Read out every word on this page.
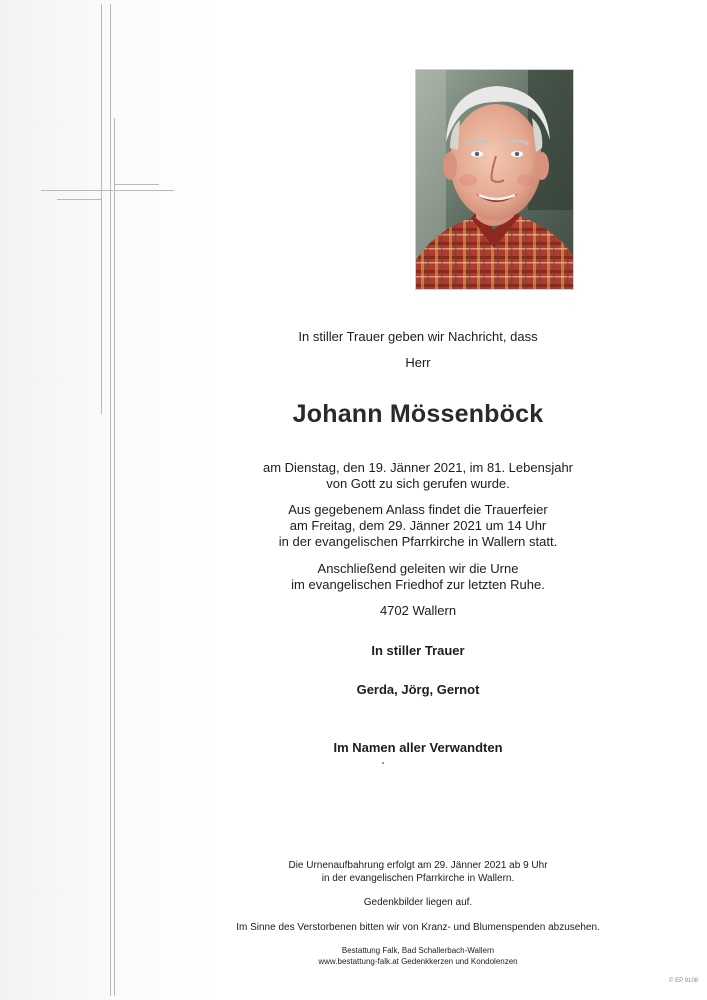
In stiller Trauer geben wir Nachricht, dass
Herr
Johann Mössenböck
am Dienstag, den 19. Jänner 2021, im 81. Lebensjahr
von Gott zu sich gerufen wurde.
Aus gegebenem Anlass findet die Trauerfeier
am Freitag, dem 29. Jänner 2021 um 14 Uhr
in der evangelischen Pfarrkirche in Wallern statt.
Anschließend geleiten wir die Urne
im evangelischen Friedhof zur letzten Ruhe.
4702 Wallern
In stiller Trauer
Gerda, Jörg, Gernot
Im Namen aller Verwandten
Die Urnenaufbahrung erfolgt am 29. Jänner 2021 ab 9 Uhr
in der evangelischen Pfarrkirche in Wallern.
Gedenkbilder liegen auf.
Im Sinne des Verstorbenen bitten wir von Kranz- und Blumenspenden abzusehen.
Bestattung Falk, Bad Schallerbach-Wallern
www.bestattung-falk.at Gedenkkerzen und Kondolenzen
© EP 9108
